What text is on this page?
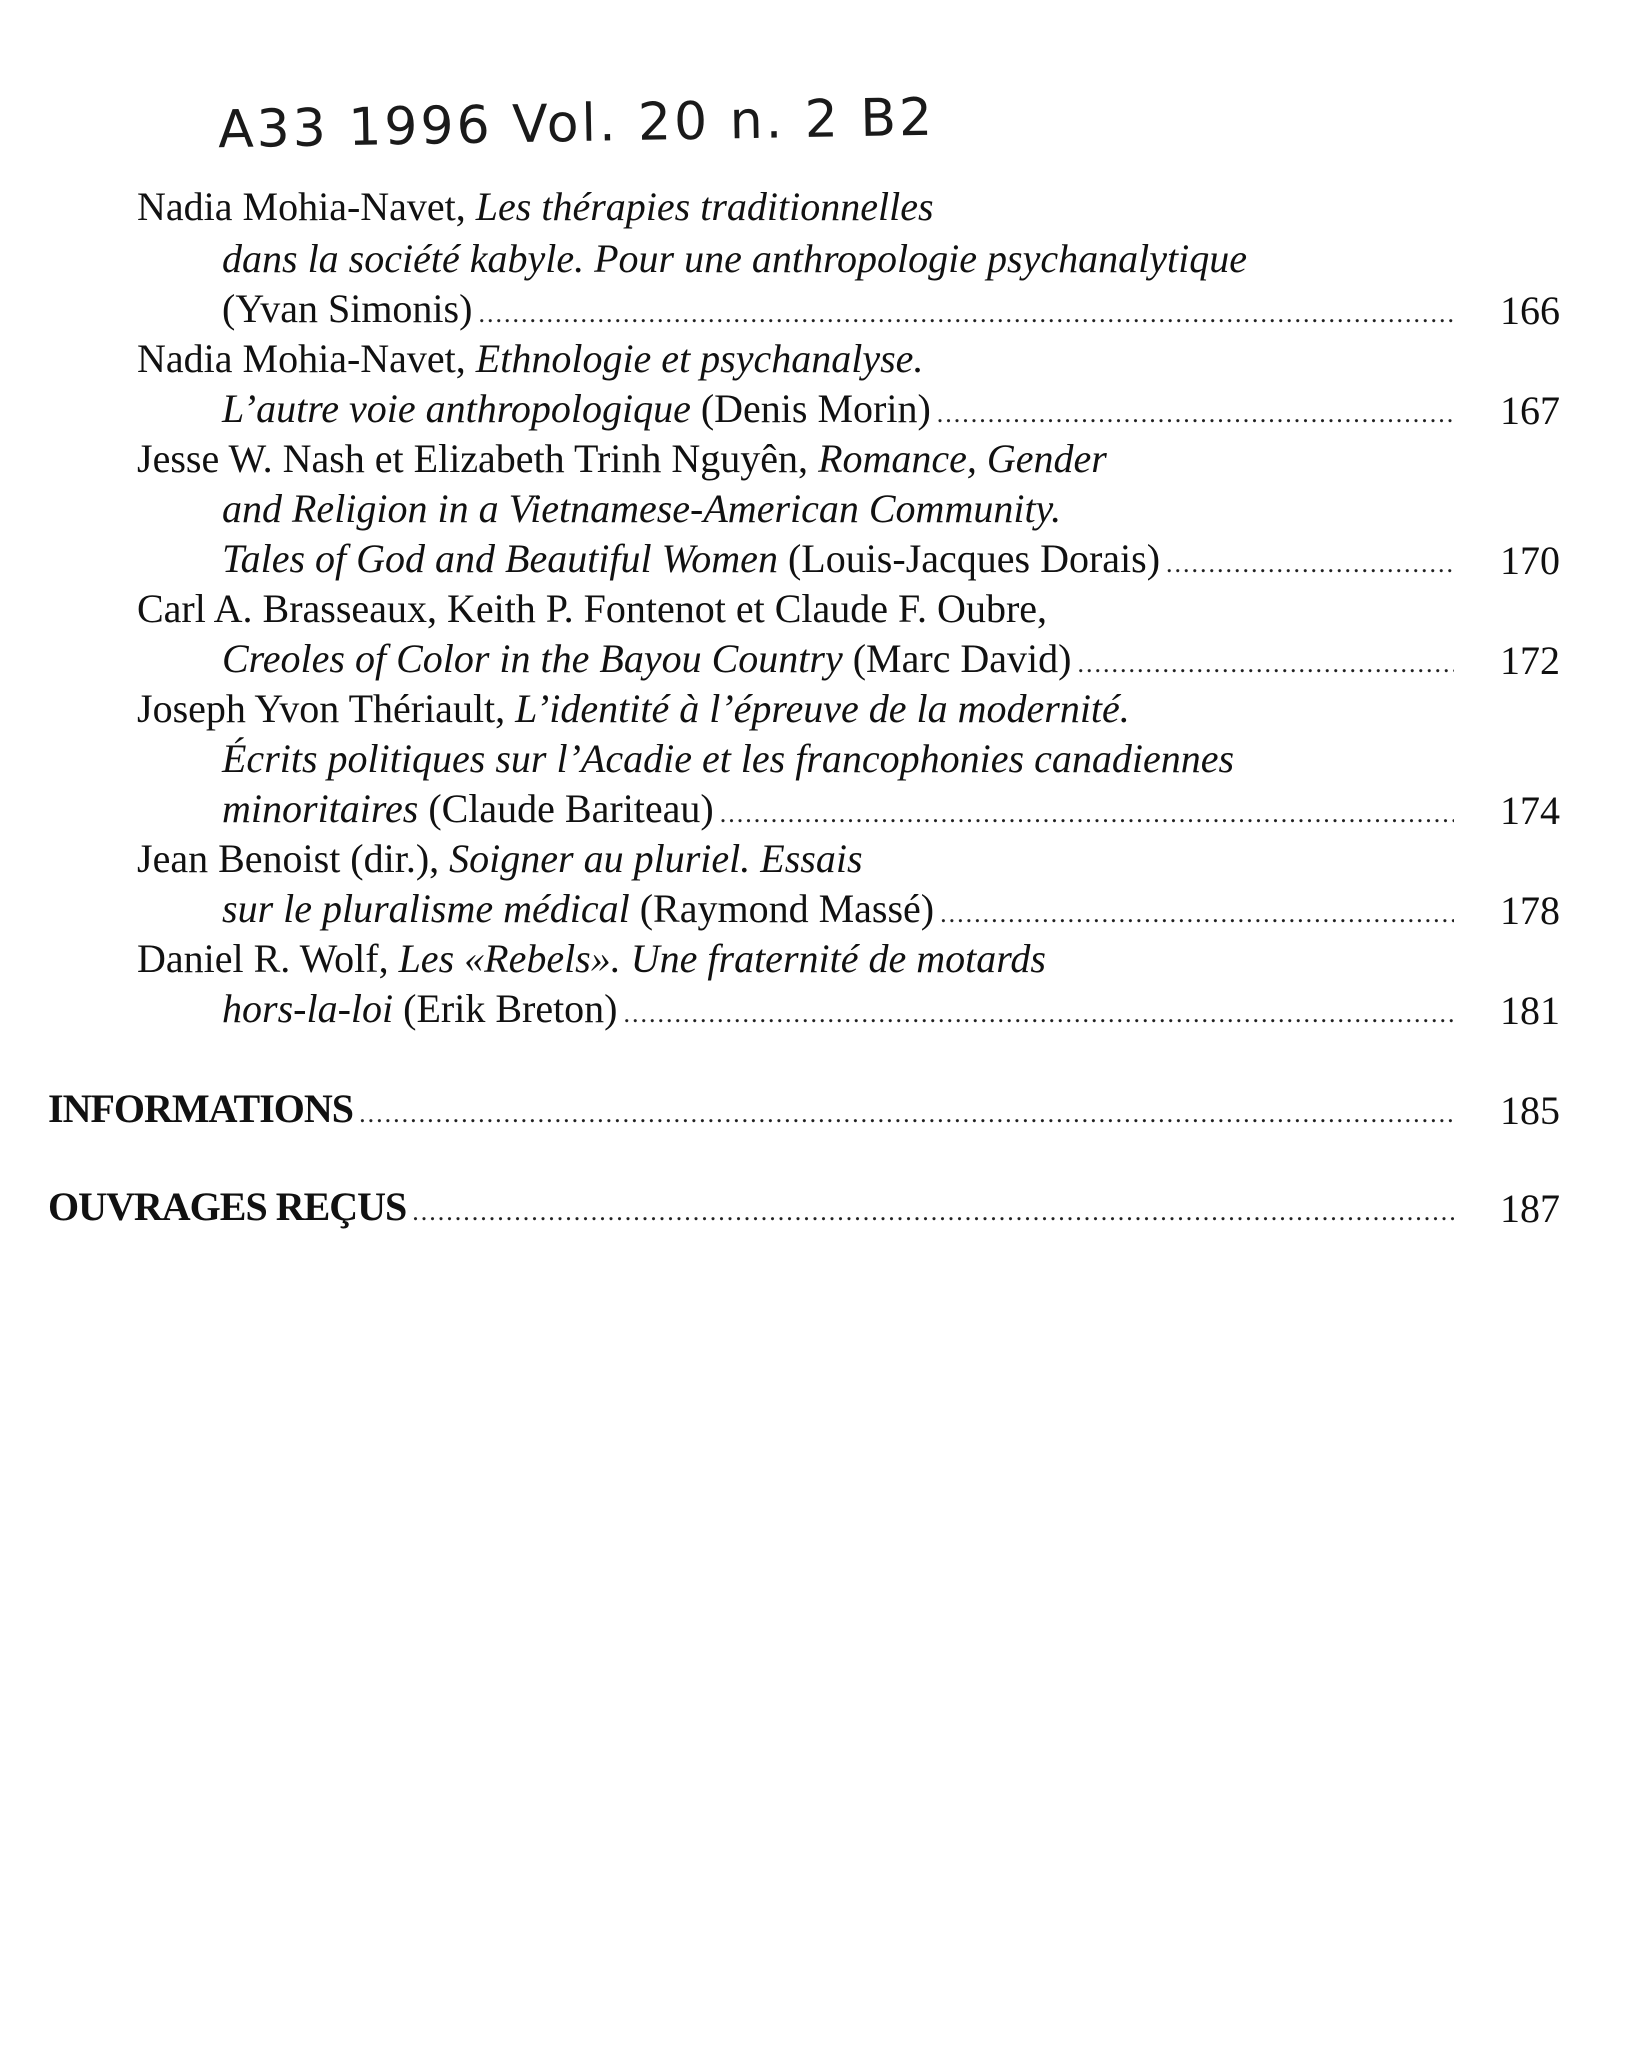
A33 1996 Vol. 20 n. 2 B2
Nadia Mohia-Navet, Les thérapies traditionnelles
dans la société kabyle. Pour une anthropologie psychanalytique
(Yvan Simonis) .....	166
Nadia Mohia-Navet, Ethnologie et psychanalyse.
L’autre voie anthropologique
(Denis Morin) .....	167
Jesse W. Nash et Elizabeth Trinh Nguyên, Romance, Gender
and Religion in a Vietnamese-American Community.
Tales of God and Beautiful Women
(Louis-Jacques Dorais) .....	170
Carl A. Brasseaux, Keith P. Fontenot et Claude F. Oubre,
Creoles of Color in the Bayou Country
(Marc David) .....	172
Joseph Yvon Thériault, L’identité à l’épreuve de la modernité.
Écrits politiques sur l’Acadie et les francophonies canadiennes
minoritaires
(Claude Bariteau) .....	174
Jean Benoist (dir.), Soigner au pluriel. Essais
sur le pluralisme médical
(Raymond Massé) .....	178
Daniel R. Wolf, Les «Rebels». Une fraternité de motards
hors-la-loi
(Erik Breton) .....	181
INFORMATIONS .....	185
OUVRAGES REÇUS .....	187
